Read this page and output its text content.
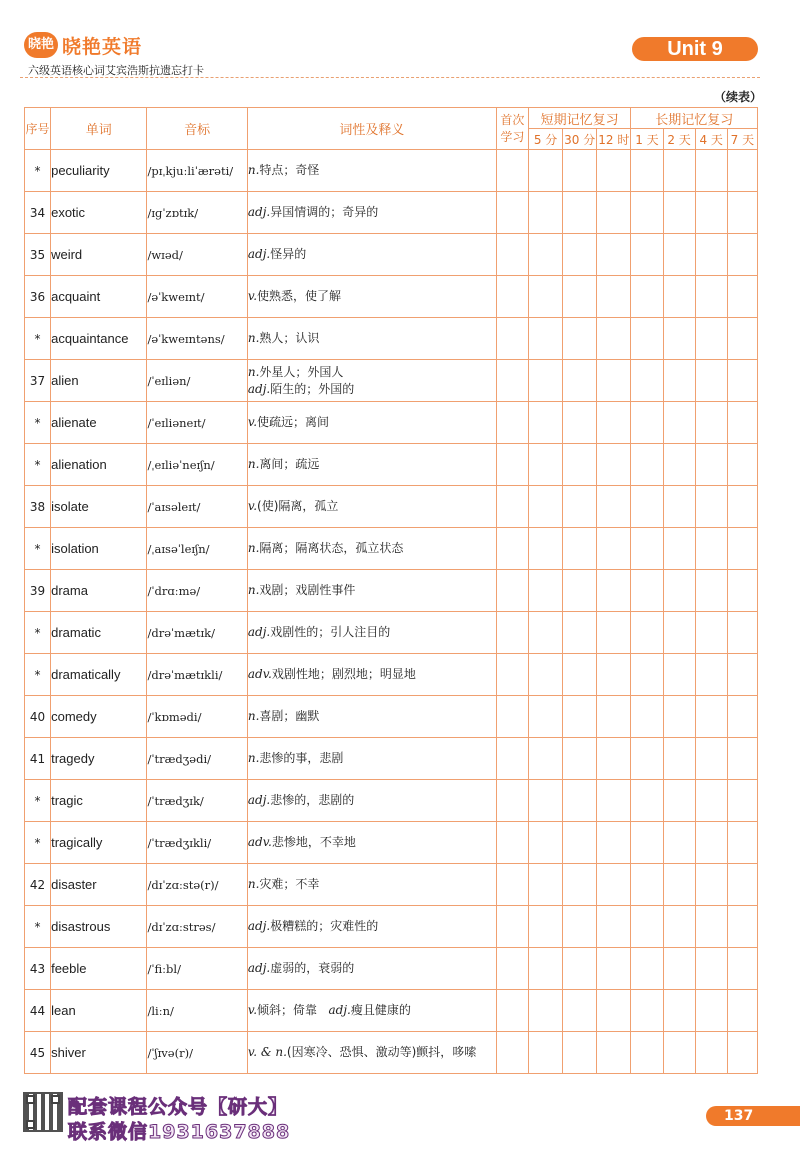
晓艳 晓艳英语
六级英语核心词艾宾浩斯抗遗忘打卡
Unit 9
（续表）
序号	单词	音标	词性及释义	首次学习	短期记忆复习			长期记忆复习			
					5 分	30 分	12 时	1 天	2 天	4 天	7 天
*	peculiarity	/pɪˌkjuːliˈærəti/	n.特点；奇怪								

34	exotic	/ɪɡˈzɒtɪk/	adj.异国情调的；奇异的								

35	weird	/wɪəd/	adj.怪异的								

36	acquaint	/əˈkweɪnt/	v.使熟悉，使了解								

*	acquaintance	/əˈkweɪntəns/	n.熟人；认识								

37	alien	/ˈeɪliən/	n.外星人；外国人
adj.陌生的；外国的								

*	alienate	/ˈeɪliəneɪt/	v.使疏远；离间								

*	alienation	/ˌeɪliəˈneɪʃn/	n.离间；疏远								

38	isolate	/ˈaɪsəleɪt/	v.(使)隔离，孤立								

*	isolation	/ˌaɪsəˈleɪʃn/	n.隔离；隔离状态，孤立状态								

39	drama	/ˈdrɑːmə/	n.戏剧；戏剧性事件								

*	dramatic	/drəˈmætɪk/	adj.戏剧性的；引人注目的								

*	dramatically	/drəˈmætɪkli/	adv.戏剧性地；剧烈地；明显地								

40	comedy	/ˈkɒmədi/	n.喜剧；幽默								

41	tragedy	/ˈtrædʒədi/	n.悲惨的事，悲剧								

*	tragic	/ˈtrædʒɪk/	adj.悲惨的，悲剧的								

*	tragically	/ˈtrædʒɪkli/	adv.悲惨地，不幸地								

42	disaster	/dɪˈzɑːstə(r)/	n.灾难；不幸								

*	disastrous	/dɪˈzɑːstrəs/	adj.极糟糕的；灾难性的								

43	feeble	/ˈfiːbl/	adj.虚弱的，衰弱的								

44	lean	/liːn/	v.倾斜；倚靠 adj.瘦且健康的								

45	shiver	/ˈʃɪvə(r)/	v. & n.(因寒冷、恐惧、激动等)颤抖，哆嗦								

配套课程公众号【研大】
联系微信1931637888
137
